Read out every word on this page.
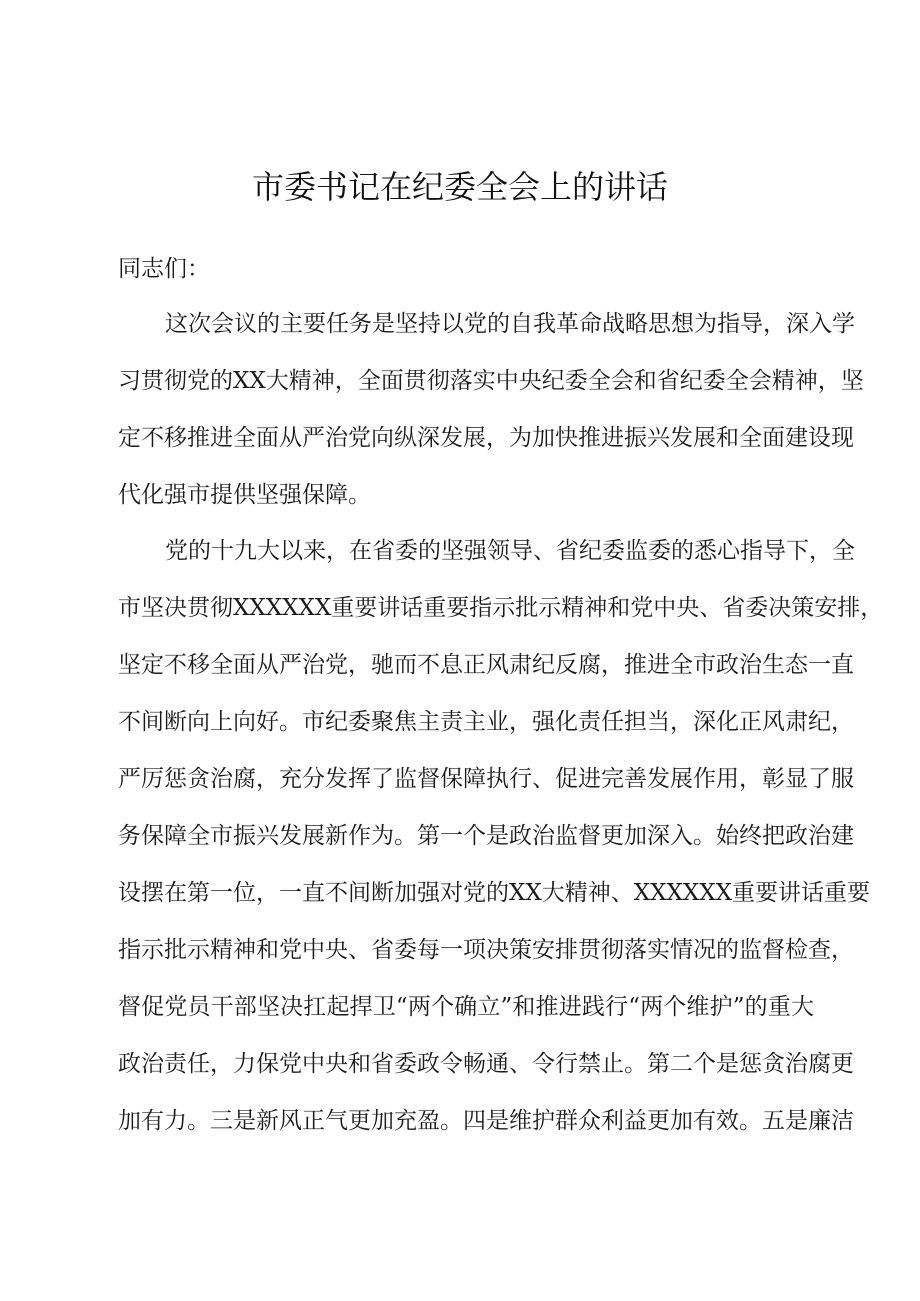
市委书记在纪委全会上的讲话

同志们：

这次会议的主要任务是坚持以党的自我革命战略思想为指导，深入学

习贯彻党的XX大精神，全面贯彻落实中央纪委全会和省纪委全会精神，坚

定不移推进全面从严治党向纵深发展，为加快推进振兴发展和全面建设现

代化强市提供坚强保障。

党的十九大以来，在省委的坚强领导、省纪委监委的悉心指导下，全

市坚决贯彻XXXXXX重要讲话重要指示批示精神和党中央、省委决策安排，

坚定不移全面从严治党，驰而不息正风肃纪反腐，推进全市政治生态一直

不间断向上向好。市纪委聚焦主责主业，强化责任担当，深化正风肃纪，

严厉惩贪治腐，充分发挥了监督保障执行、促进完善发展作用，彰显了服

务保障全市振兴发展新作为。第一个是政治监督更加深入。始终把政治建

设摆在第一位，一直不间断加强对党的XX大精神、XXXXXX重要讲话重要

指示批示精神和党中央、省委每一项决策安排贯彻落实情况的监督检查，

督促党员干部坚决扛起捍卫“两个确立”和推进践行“两个维护”的重大

政治责任，力保党中央和省委政令畅通、令行禁止。第二个是惩贪治腐更

加有力。三是新风正气更加充盈。四是维护群众利益更加有效。五是廉洁
